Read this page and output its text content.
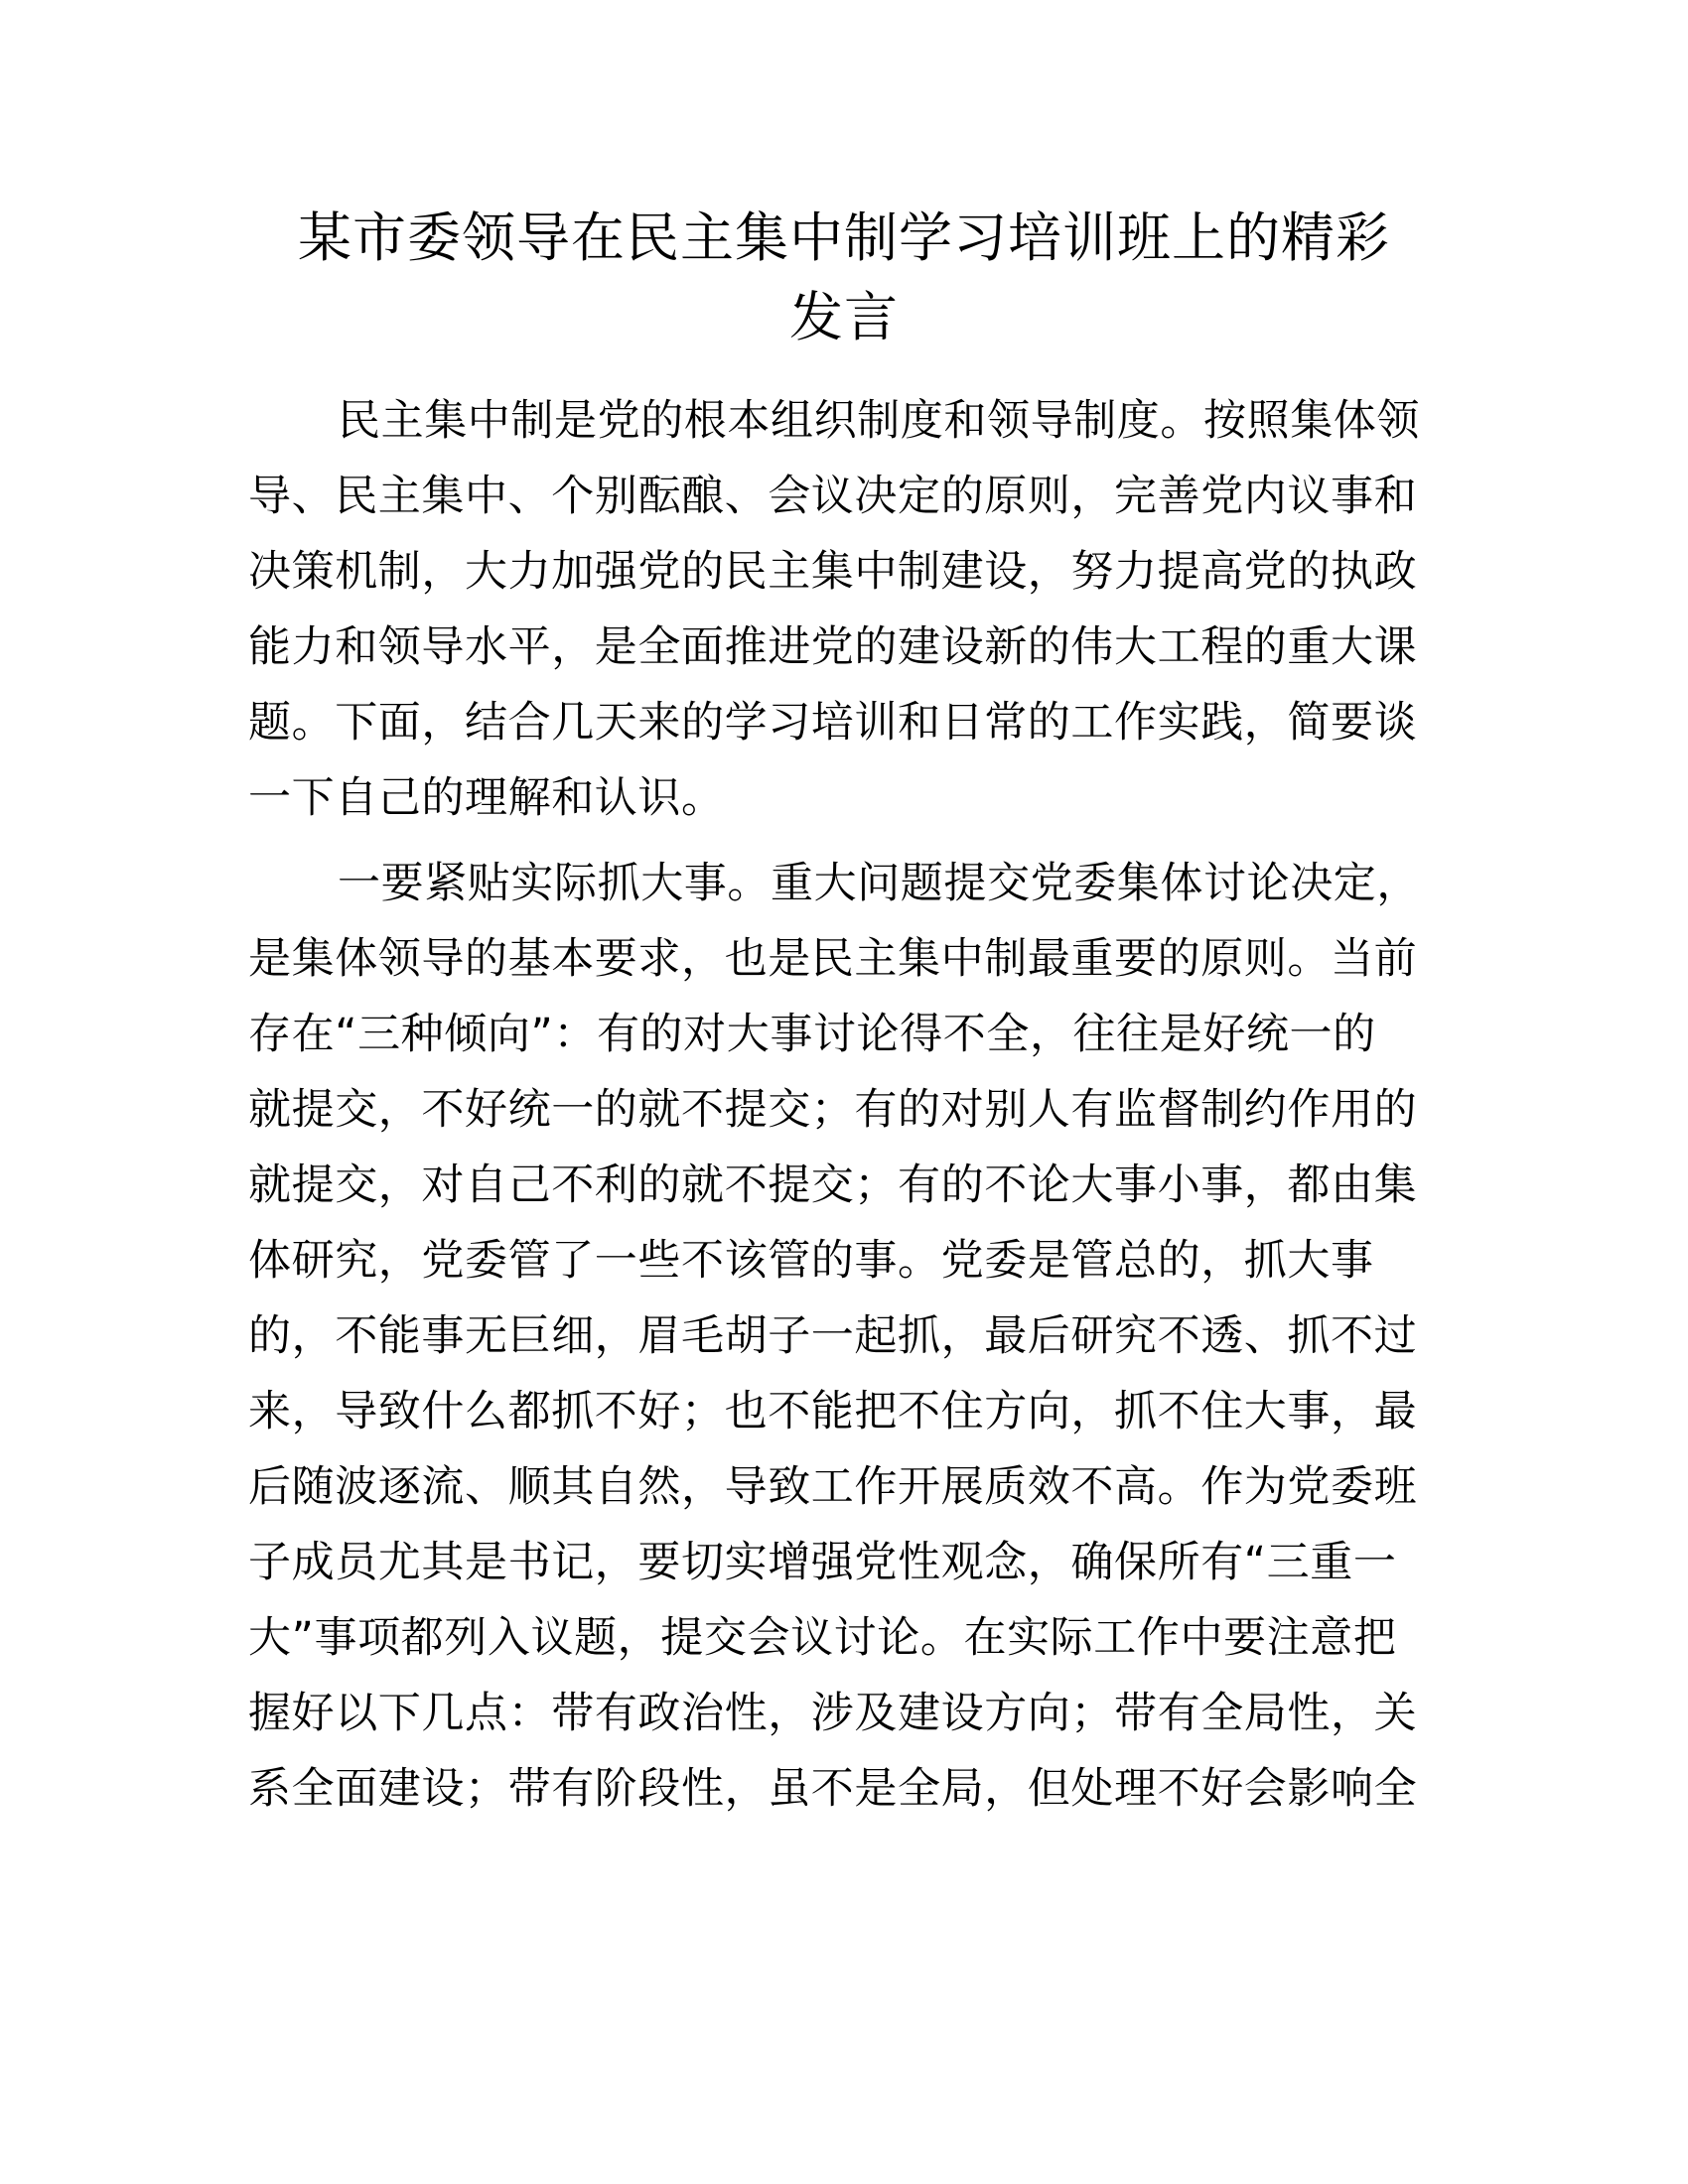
某市委领导在民主集中制学习培训班上的精彩
发言
民主集中制是党的根本组织制度和领导制度。按照集体领
导、民主集中、个别酝酿、会议决定的原则，完善党内议事和
决策机制，大力加强党的民主集中制建设，努力提高党的执政
能力和领导水平，是全面推进党的建设新的伟大工程的重大课
题。下面，结合几天来的学习培训和日常的工作实践，简要谈
一下自己的理解和认识。
一要紧贴实际抓大事。重大问题提交党委集体讨论决定，
是集体领导的基本要求，也是民主集中制最重要的原则。当前
存在“三种倾向”：有的对大事讨论得不全，往往是好统一的
就提交，不好统一的就不提交；有的对别人有监督制约作用的
就提交，对自己不利的就不提交；有的不论大事小事，都由集
体研究，党委管了一些不该管的事。党委是管总的，抓大事
的，不能事无巨细，眉毛胡子一起抓，最后研究不透、抓不过
来，导致什么都抓不好；也不能把不住方向，抓不住大事，最
后随波逐流、顺其自然，导致工作开展质效不高。作为党委班
子成员尤其是书记，要切实增强党性观念，确保所有“三重一
大”事项都列入议题，提交会议讨论。在实际工作中要注意把
握好以下几点：带有政治性，涉及建设方向；带有全局性，关
系全面建设；带有阶段性，虽不是全局，但处理不好会影响全
